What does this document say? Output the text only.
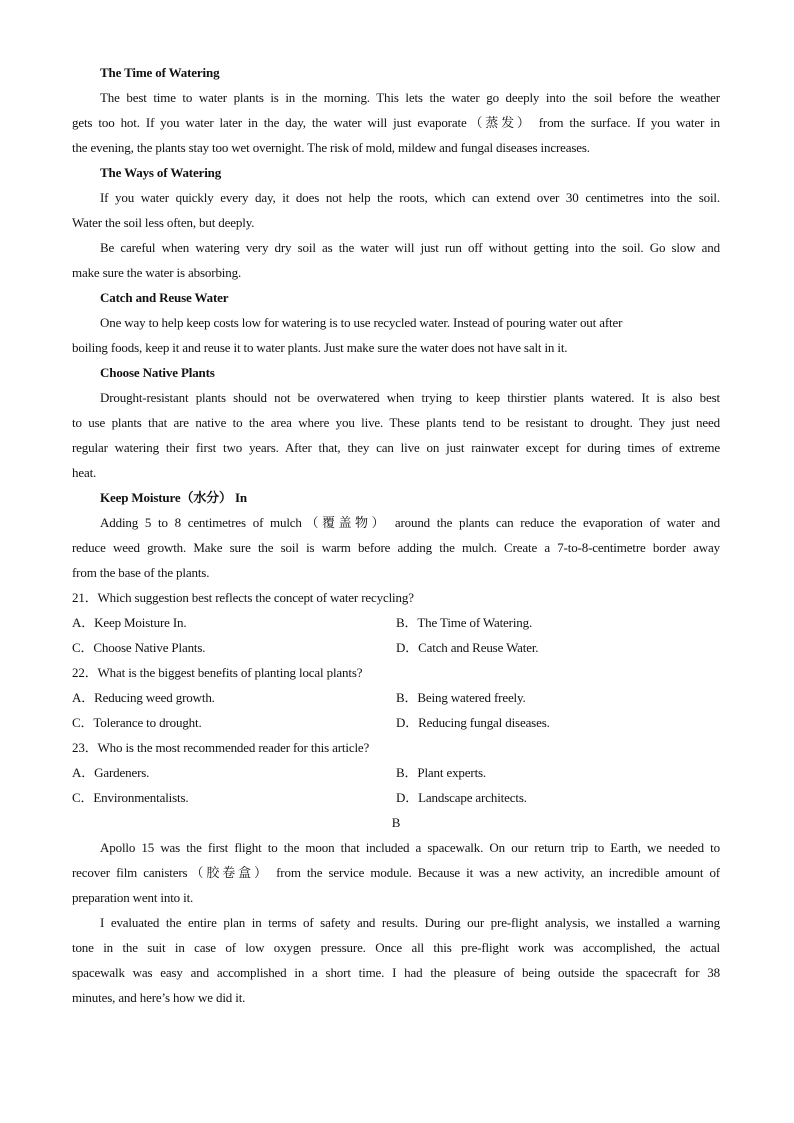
The Time of Watering
The best time to water plants is in the morning. This lets the water go deeply into the soil before the weather
gets too hot. If you water later in the day, the water will just evaporate（蒸发） from the surface. If you water in
the evening, the plants stay too wet overnight. The risk of mold, mildew and fungal diseases increases.
The Ways of Watering
If you water quickly every day, it does not help the roots, which can extend over 30 centimetres into the soil.
Water the soil less often, but deeply.
Be careful when watering very dry soil as the water will just run off without getting into the soil. Go slow and
make sure the water is absorbing.
Catch and Reuse Water
One way to help keep costs low for watering is to use recycled water. Instead of pouring water out after
boiling foods, keep it and reuse it to water plants. Just make sure the water does not have salt in it.
Choose Native Plants
Drought-resistant plants should not be overwatered when trying to keep thirstier plants watered. It is also best
to use plants that are native to the area where you live. These plants tend to be resistant to drought. They just need
regular watering their first two years. After that, they can live on just rainwater except for during times of extreme
heat.
Keep Moisture（水分） In
Adding 5 to 8 centimetres of mulch（覆盖物） around the plants can reduce the evaporation of water and
reduce weed growth. Make sure the soil is warm before adding the mulch. Create a 7-to-8-centimetre border away
from the base of the plants.
21．Which suggestion best reflects the concept of water recycling?
A．Keep Moisture In.	B．The Time of Watering.
C．Choose Native Plants.	D．Catch and Reuse Water.
22．What is the biggest benefits of planting local plants?
A．Reducing weed growth.	B．Being watered freely.
C．Tolerance to drought.	D．Reducing fungal diseases.
23．Who is the most recommended reader for this article?
A．Gardeners.	B．Plant experts.
C．Environmentalists.	D．Landscape architects.
B
Apollo 15 was the first flight to the moon that included a spacewalk. On our return trip to Earth, we needed to
recover film canisters（胶卷盒） from the service module. Because it was a new activity, an incredible amount of
preparation went into it.
I evaluated the entire plan in terms of safety and results. During our pre-flight analysis, we installed a warning
tone in the suit in case of low oxygen pressure. Once all this pre-flight work was accomplished, the actual
spacewalk was easy and accomplished in a short time. I had the pleasure of being outside the spacecraft for 38
minutes, and here’s how we did it.
